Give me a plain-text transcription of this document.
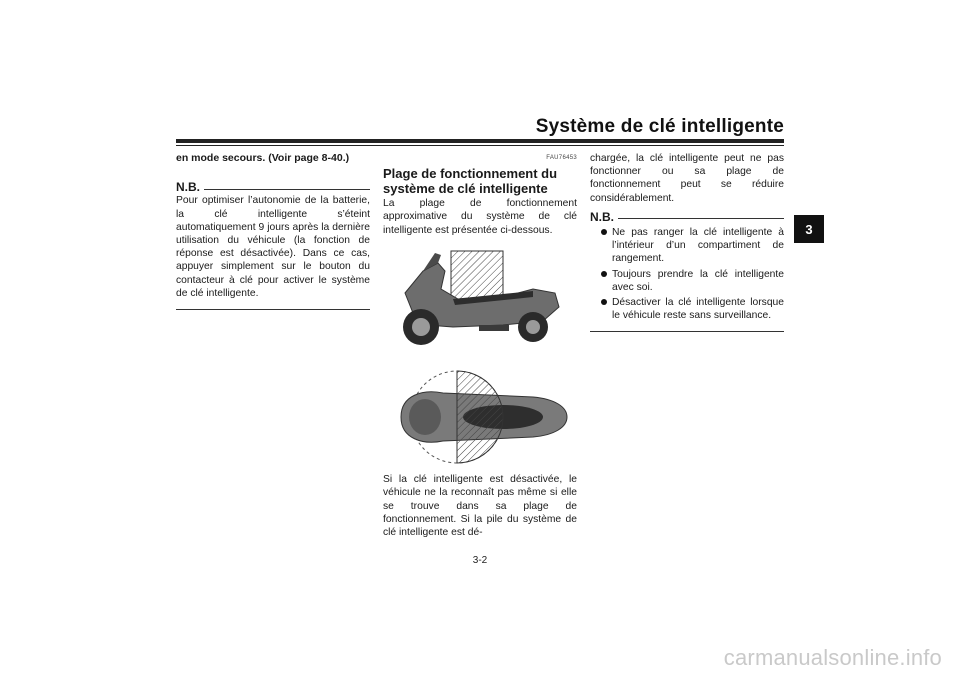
Système de clé intelligente
3

en mode secours. (Voir page 8-40.)

N.B.

Pour optimiser l’autonomie de la batterie, la clé intelligente s’éteint automatiquement 9 jours après la dernière utilisation du véhicule (la fonction de réponse est désactivée). Dans ce cas, appuyer simplement sur le bouton du contacteur à clé pour activer le système de clé intelligente.

FAU76453
Plage de fonctionnement du système de clé intelligente

La plage de fonctionnement approximative du système de clé intelligente est présentée ci-dessous.

Si la clé intelligente est désactivée, le véhicule ne la reconnaît pas même si elle se trouve dans sa plage de fonctionnement. Si la pile du système de clé intelligente est dé-

chargée, la clé intelligente peut ne pas fonctionner ou sa plage de fonctionnement peut se réduire considérablement.

N.B.
Ne pas ranger la clé intelligente à l’intérieur d’un compartiment de rangement.
Toujours prendre la clé intelligente avec soi.
Désactiver la clé intelligente lorsque le véhicule reste sans surveillance.
3-2
carmanualsonline.info
